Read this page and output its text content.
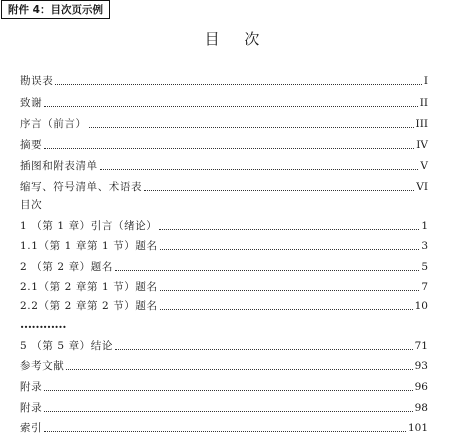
附件 4：目次页示例
目 次
勘误表	I
致谢	II
序言（前言）	III
摘要	IV
插图和附表清单	V
缩写、符号清单、术语表	VI
目次
1 （第 1 章）引言（绪论）	1
1.1（第 1 章第 1 节）题名	3
2 （第 2 章）题名	5
2.1（第 2 章第 1 节）题名	7
2.2（第 2 章第 2 节）题名	10
…………
5 （第 5 章）结论	71
参考文献	93
附录	96
附录	98
索引	101
